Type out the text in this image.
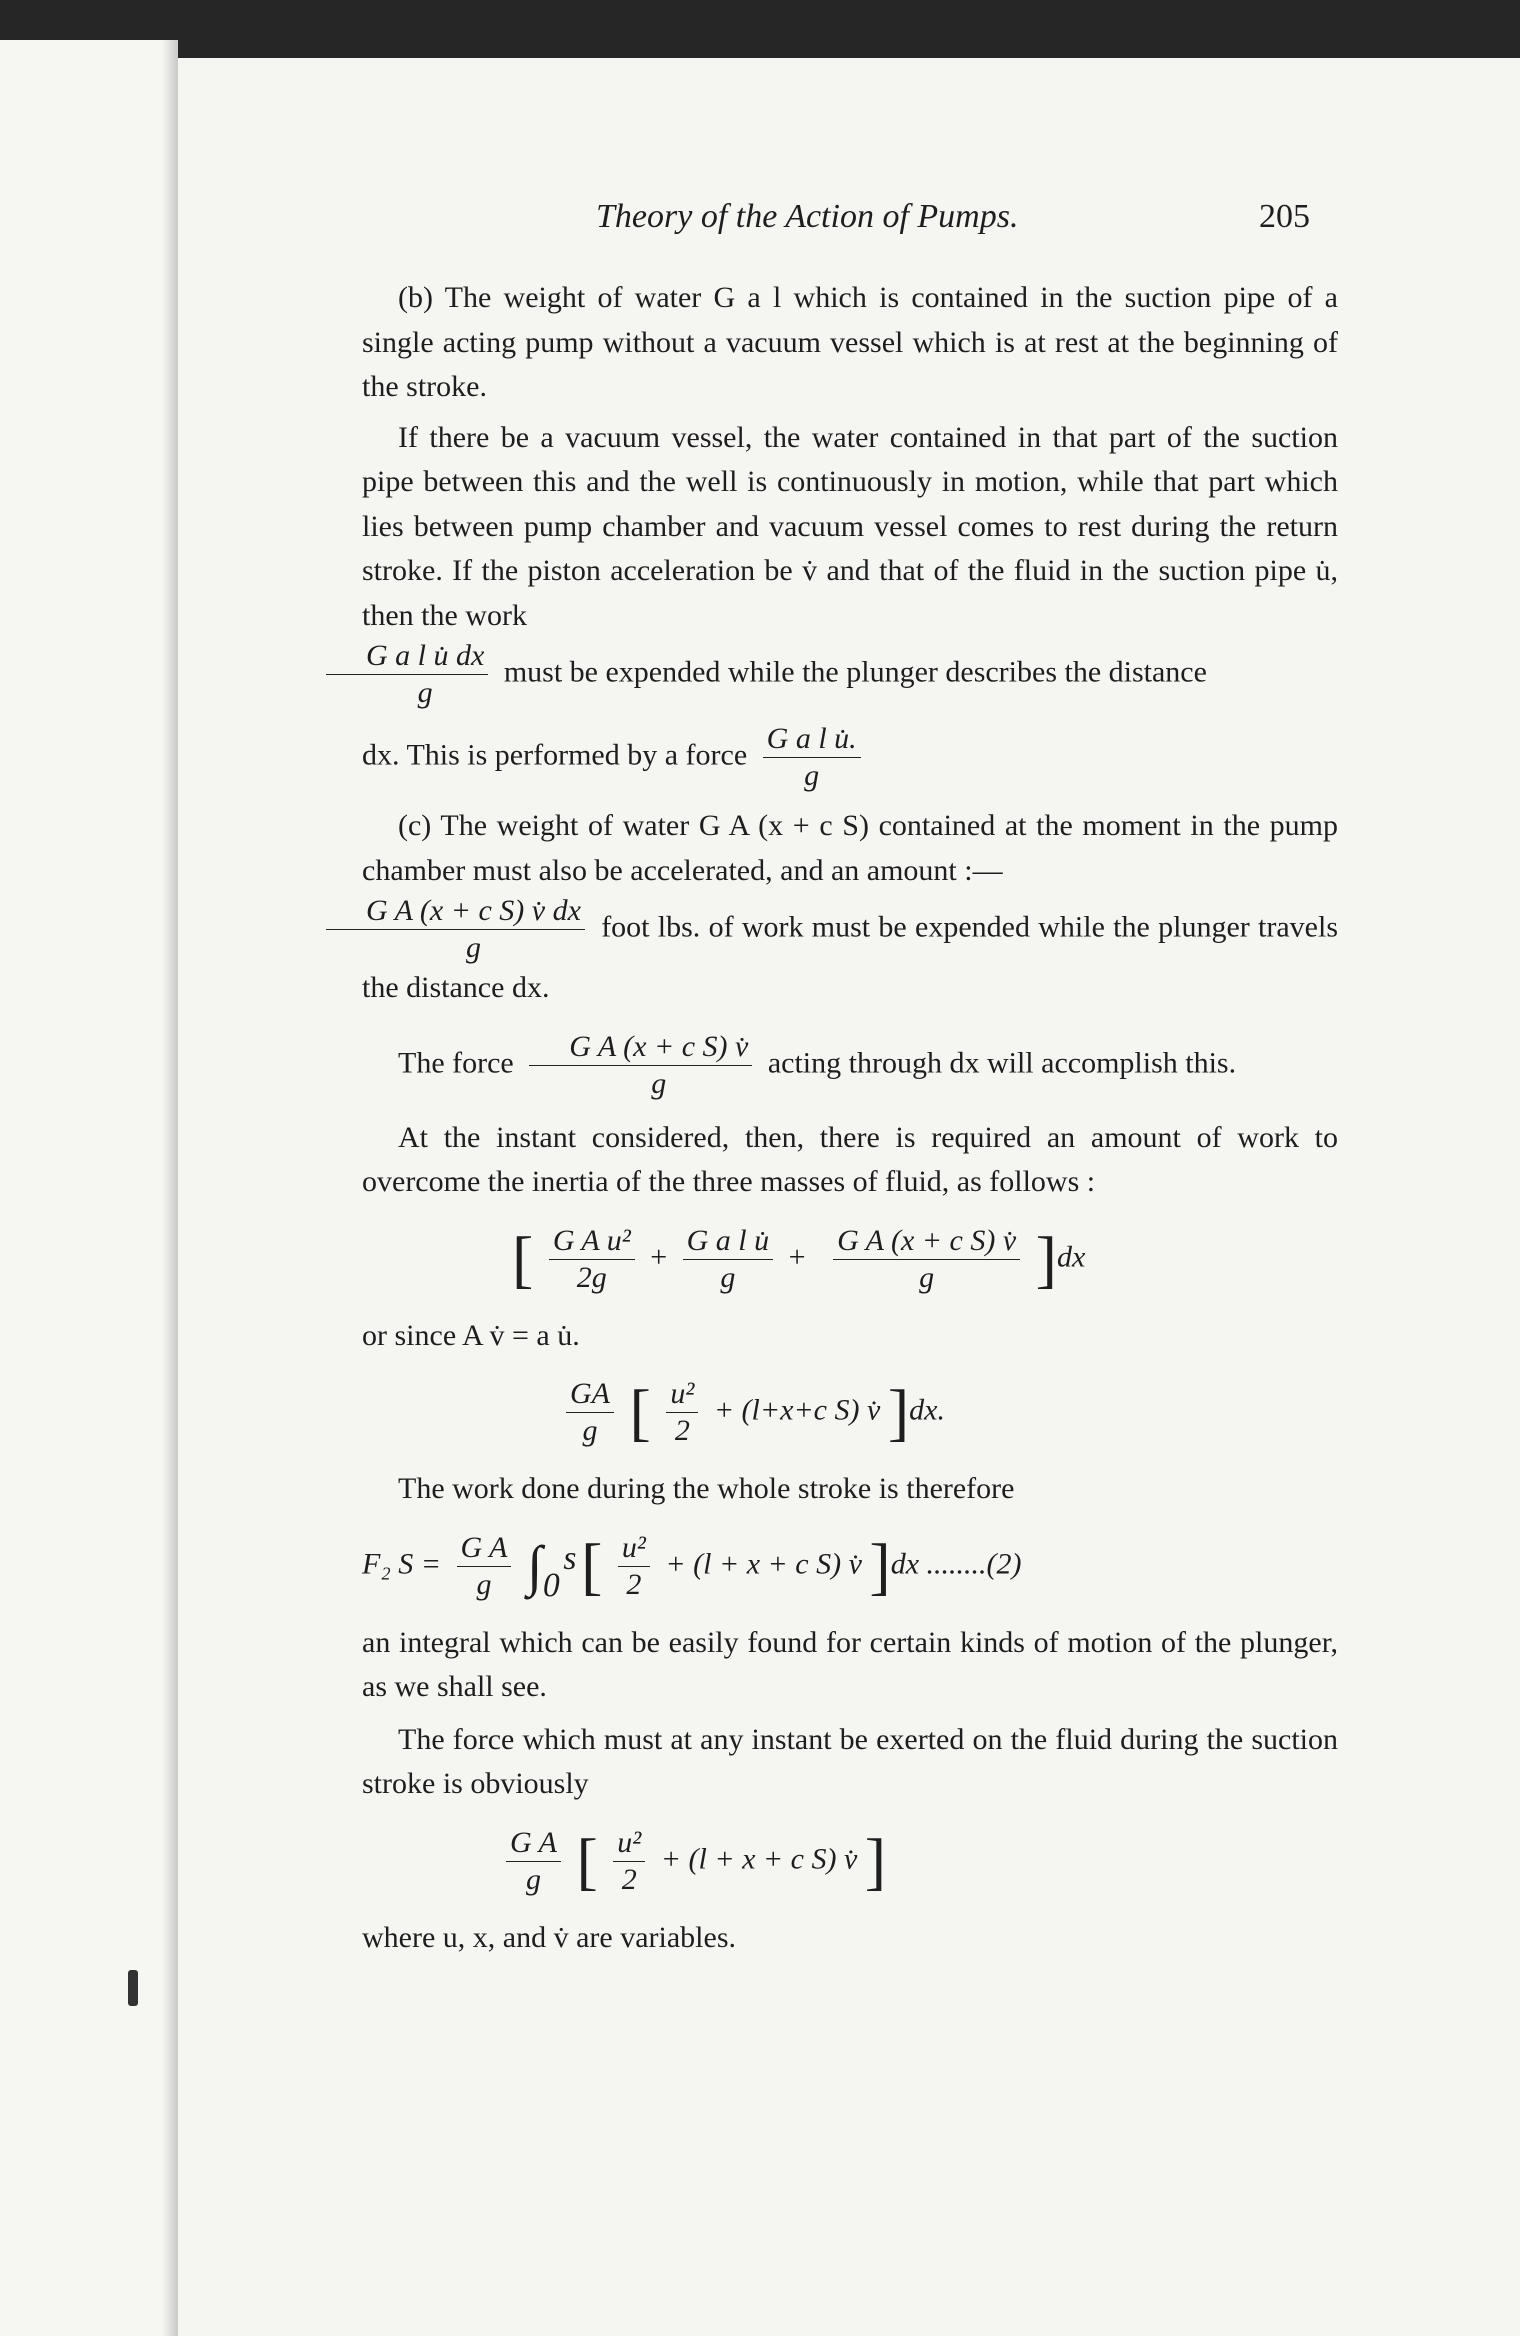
Theory of the Action of Pumps.	205

(b) The weight of water G a l which is contained in the suction pipe of a single acting pump without a vacuum vessel which is at rest at the beginning of the stroke.

If there be a vacuum vessel, the water contained in that part of the suction pipe between this and the well is continuously in motion, while that part which lies between pump chamber and vacuum vessel comes to rest during the return stroke. If the piston acceleration be v̇ and that of the fluid in the suction pipe u̇, then the work

$\frac{\text{G a l u̇ dx}}{g}$ must be expended while the plunger describes the distance

dx. This is performed by a force $\frac{\text{G a l u̇.}}{g}$

(c) The weight of water G A (x + c S) contained at the moment in the pump chamber must also be accelerated, and an amount :—

$\frac{\text{G A (x + c S) v̇ dx}}{g}$ foot lbs. of work must be expended while the plunger travels the distance dx.

The force $\frac{\text{G A (x + c S) v̇}}{g}$ acting through dx will accomplish this.

At the instant considered, then, there is required an amount of work to overcome the inertia of the three masses of fluid, as follows :

[ $\frac{\text{G A u²}}{2g} + \frac{\text{G a l u̇}}{g} + \frac{\text{G A (x + c S) v̇}}{g} ]dx$

or since A v̇ = a u̇.

$\frac{GA}{g}$ [ $\frac{\text{u²}}{2} + (l+x+c$ S) v̇ ]dx.

The work done during the whole stroke is therefore

F₂ $S = \frac{\text{G A}}{g}$ ∫₀ˢ [ $\frac{\text{u²}}{2} + (l + x + c$ S) v̇ ]dx ........(2)

an integral which can be easily found for certain kinds of motion of the plunger, as we shall see.

The force which must at any instant be exerted on the fluid during the suction stroke is obviously

$\frac{\text{G A}}{g}$ [ $\frac{\text{u²}}{2} + (l + x + c$ S) v̇ ]

where u, x, and v̇ are variables.
